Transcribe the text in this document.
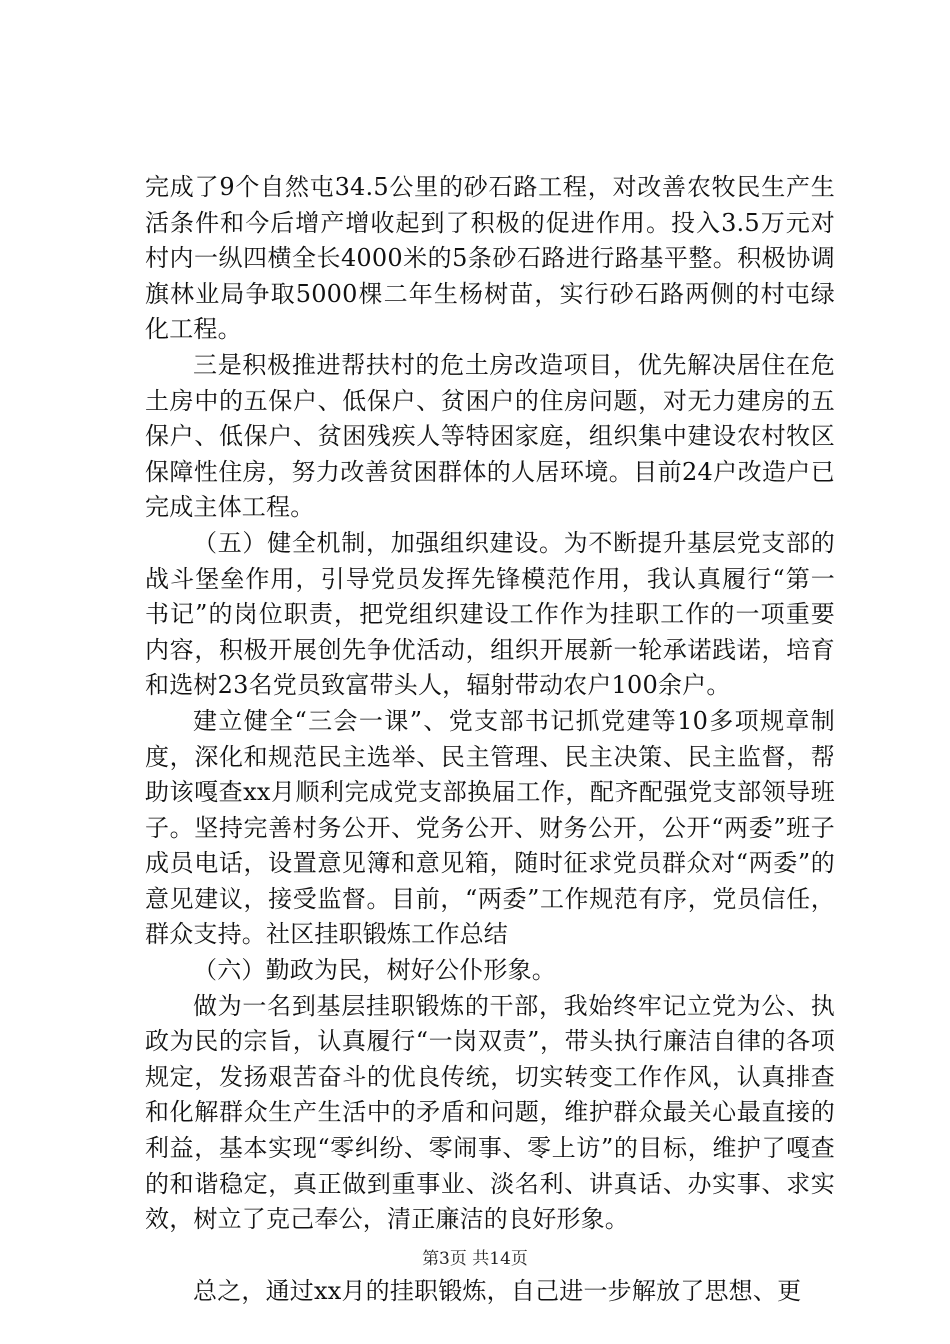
完成了9个自然屯34.5公里的砂石路工程，对改善农牧民生产生活条件和今后增产增收起到了积极的促进作用。投入3.5万元对村内一纵四横全长4000米的5条砂石路进行路基平整。积极协调旗林业局争取5000棵二年生杨树苗，实行砂石路两侧的村屯绿化工程。

三是积极推进帮扶村的危土房改造项目，优先解决居住在危土房中的五保户、低保户、贫困户的住房问题，对无力建房的五保户、低保户、贫困残疾人等特困家庭，组织集中建设农村牧区保障性住房，努力改善贫困群体的人居环境。目前24户改造户已完成主体工程。

（五）健全机制，加强组织建设。为不断提升基层党支部的战斗堡垒作用，引导党员发挥先锋模范作用，我认真履行“第一书记”的岗位职责，把党组织建设工作作为挂职工作的一项重要内容，积极开展创先争优活动，组织开展新一轮承诺践诺，培育和选树23名党员致富带头人，辐射带动农户100余户。

建立健全“三会一课”、党支部书记抓党建等10多项规章制度，深化和规范民主选举、民主管理、民主决策、民主监督，帮助该嘎查xx月顺利完成党支部换届工作，配齐配强党支部领导班子。坚持完善村务公开、党务公开、财务公开，公开“两委”班子成员电话，设置意见簿和意见箱，随时征求党员群众对“两委”的意见建议，接受监督。目前，“两委”工作规范有序，党员信任，群众支持。社区挂职锻炼工作总结

（六）勤政为民，树好公仆形象。

做为一名到基层挂职锻炼的干部，我始终牢记立党为公、执政为民的宗旨，认真履行“一岗双责”，带头执行廉洁自律的各项规定，发扬艰苦奋斗的优良传统，切实转变工作作风，认真排查和化解群众生产生活中的矛盾和问题，维护群众最关心最直接的利益，基本实现“零纠纷、零闹事、零上访”的目标，维护了嘎查的和谐稳定，真正做到重事业、淡名利、讲真话、办实事、求实效，树立了克己奉公，清正廉洁的良好形象。

总之，通过xx月的挂职锻炼，自己进一步解放了思想、更

第3页 共14页
